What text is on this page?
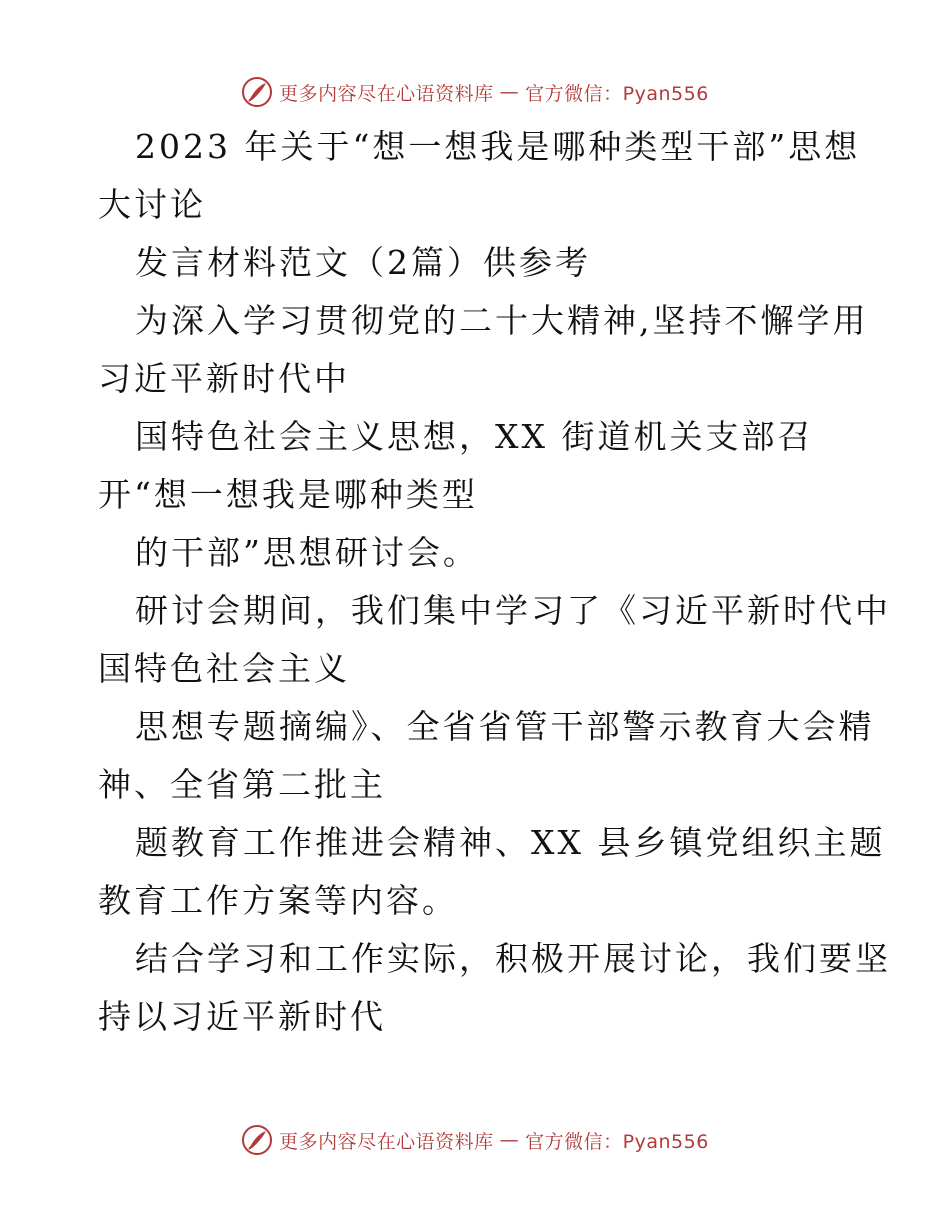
更多内容尽在心语资料库 — 官方微信：Pyan556
2023 年关于“想一想我是哪种类型干部”思想
大讨论
发言材料范文（2篇）供参考
为深入学习贯彻党的二十大精神,坚持不懈学用
习近平新时代中
国特色社会主义思想，XX 街道机关支部召
开“想一想我是哪种类型
的干部”思想研讨会。
研讨会期间，我们集中学习了《习近平新时代中
国特色社会主义
思想专题摘编》、全省省管干部警示教育大会精
神、全省第二批主
题教育工作推进会精神、XX 县乡镇党组织主题
教育工作方案等内容。
结合学习和工作实际，积极开展讨论，我们要坚
持以习近平新时代
更多内容尽在心语资料库 — 官方微信：Pyan556
